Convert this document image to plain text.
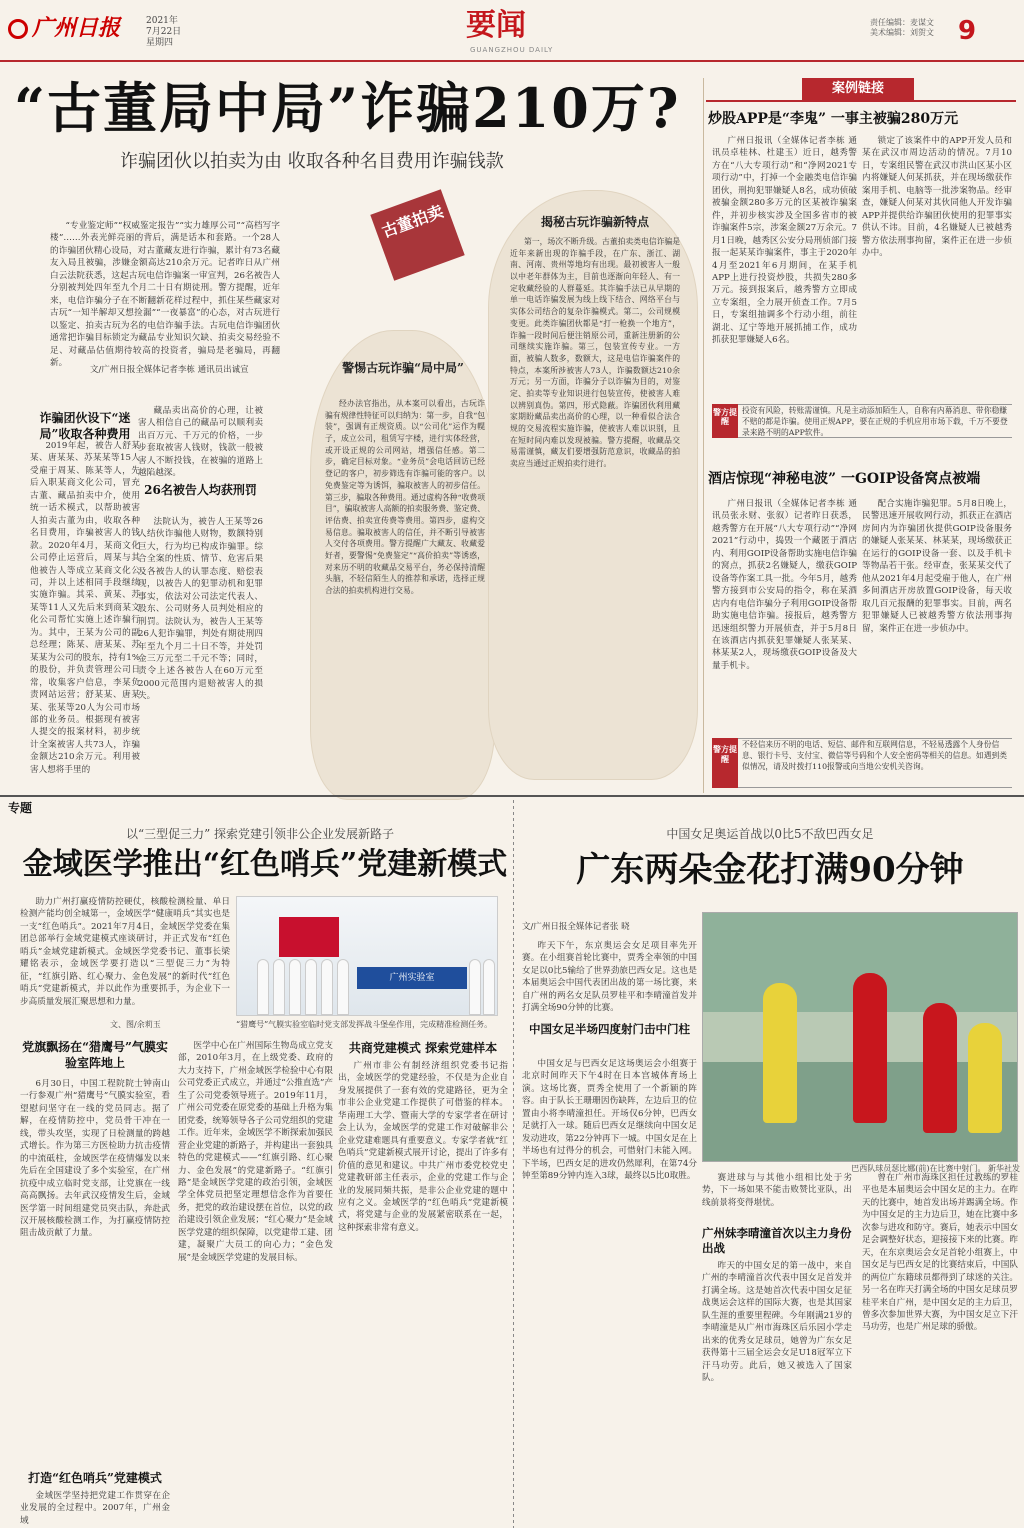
广州日报	2021年
7月22日
星期四	要闻
GUANGZHOU DAILY
责任编辑：麦谋文
美术编辑：刘贺文 9
“古董局中局”诈骗210万?
诈骗团伙以拍卖为由 收取各种名目费用诈骗钱款
古董拍卖
“专业鉴定师”“权威鉴定报告”“实力雄厚公司”“高档写字楼”……外表光鲜亮丽的背后，满是话本和套路。一个28人的诈骗团伙精心设局，对古董藏友进行诈骗，累计有73名藏友入局且被骗，涉嫌金额高达210余万元。记者昨日从广州白云法院获悉，这起古玩电信诈骗案一审宣判，26名被告人分别被判处四年至九个月二十日有期徒刑。警方提醒，近年来，电信诈骗分子在不断翻新花样过程中，抓住某些藏家对古玩“一知半解却又想捡漏”“一夜暴富”的心态，对古玩进行以鉴定、拍卖古玩为名的电信诈骗手法。古玩电信诈骗团伙通常把诈骗目标锁定为藏品专业知识欠缺、拍卖交易经验不足、对藏品估值期待较高的投资者，骗局是老骗局，再翻新。
文/广州日报全媒体记者李栋 通讯员出诚宣
诈骗团伙设下“迷局”收取各种费用
2019年起，被告人舒某某、唐某某、苏某某等15人受雇于周某、陈某等人，先后入职某商文化公司，冒充古董、藏品拍卖中介，使用统一话术模式，以帮助被害人拍卖古董为由，收取各种名目费用，诈骗被害人的钱款。2020年4月，某商文化公司停止运营后，周某与其他被告人等成立某商文化公司，并以上述相同手段继续实施诈骗。其采、黄某、苏某等11人又先后来到商某文化公司帮忙实施上述诈骗行为。其中，王某为公司的副总经理；陈某、唐某某、苏某某为公司的股东，持有1%的股份，并负责管理公司日常，收集客户信息，李某负责网站运营；舒某某、唐某某、张某等20人为公司市场部的业务员。根据现有被害人提交的报案材料，初步统计全案被害人共73人，诈骗金额达210余万元。利用被害人想将手里的
藏品卖出高价的心理，让被害人相信自己的藏品可以顺利卖出百万元、千万元的价格，一步步套取被害人钱财，钱款一般被害人不断投钱，在被骗的道路上越陷越深。
26名被告人均获刑罚
法院认为，被告人王某等26人结伙诈骗他人财物，数额特别巨大，行为均已构成诈骗罪。综合全案的性质、情节、危害后果及各被告人的认罪态度、赔偿表现，以被告人的犯罪动机和犯罪事实，依法对公司法定代表人、股东、公司财务人员判处相应的刑罚。法院认为，被告人王某等26人犯诈骗罪，判处有期徒刑四年至九个月二十日不等，并处罚金三万元至二千元不等；同时，责令上述各被告人在60万元至2000元范围内退赔被害人的损失。
警惕古玩诈骗“局中局”
经办法官指出，从本案可以看出，古玩诈骗有规律性特征可以归纳为：第一步，自我“包装”，强调有正规资质。以“公司化”运作为幌子，成立公司，租赁写字楼，进行实体经营，或开设正规的公司网站，增强信任感。第二步，确定目标对象。“业务员”会电话回访已经登记的客户，初步筛选有诈骗可能的客户。以免费鉴定等为诱饵，骗取被害人的初步信任。第三步，骗取各种费用。通过虚构各种“收费项目”，骗取被害人高额的拍卖服务费、鉴定费、评估费、拍卖宣传费等费用。第四步，虚构交易信息。骗取被害人的信任，并不断引导被害人交付各项费用。警方提醒广大藏友、收藏爱好者，要警惕“免费鉴定”“高价拍卖”等诱惑，对来历不明的收藏品交易平台，务必保持清醒头脑，不轻信陌生人的推荐和承诺，选择正规合法的拍卖机构进行交易。
揭秘古玩诈骗新特点
第一，场次不断升级。古董拍卖类电信诈骗是近年来新出现的诈骗手段，在广东、浙江、湖南、河南、贵州等地均有出现。最初被害人一般以中老年群体为主，目前也逐渐向年轻人、有一定收藏经验的人群蔓延。其诈骗手法已从早期的单一电话诈骗发展为线上线下结合、网络平台与实体公司结合的复杂诈骗模式。第二，公司规模变更。此类诈骗团伙都是“打一枪换一个地方”，诈骗一段时间后便注销原公司，重新注册新的公司继续实施诈骗。第三，包装宣传专业。一方面，被骗人数多，数额大，这是电信诈骗案件的特点，本案所涉被害人73人，诈骗数额达210余万元；另一方面，诈骗分子以诈骗为目的，对鉴定、拍卖等专业知识进行包装宣传，使被害人难以辨别真伪。第四，形式隐蔽。诈骗团伙利用藏家期盼藏品卖出高价的心理，以一种看似合法合规的交易流程实施诈骗，使被害人难以识别，且在短时间内难以发现被骗。警方提醒，收藏品交易需谨慎，藏友们要增强防范意识，收藏品的拍卖应当通过正规拍卖行进行。
案例链接
炒股APP是“李鬼” 一事主被骗280万元
广州日报讯（全媒体记者李栋 通讯员卓桂林、杜建玉）近日，越秀警方在“八大专项行动”和“净网2021专项行动”中，打掉一个金融类电信诈骗团伙，刑拘犯罪嫌疑人8名，成功侦破被骗金额280多万元的区某被诈骗案件，并初步核实涉及全国多省市的被诈骗案件5宗，涉案金额27万余元。7月1日晚，越秀区公安分局刑侦部门接报一起某某诈骗案件，事主于2020年4月至2021年6月期间，在某手机APP上进行投资炒股，共损失280多万元。接到报案后，越秀警方立即成立专案组，全力展开侦查工作。7月5日，专案组抽调多个行动小组，前往湖北、辽宁等地开展抓捕工作，成功抓获犯罪嫌疑人6名。
锁定了该案件中的APP开发人员和某在武汉市周边活动的情况。7月10日，专案组民警在武汉市洪山区某小区内将嫌疑人何某抓获，并在现场缴获作案用手机、电脑等一批涉案物品。经审查，嫌疑人何某对其伙同他人开发诈骗APP并提供给诈骗团伙使用的犯罪事实供认不讳。目前，4名嫌疑人已被越秀警方依法刑事拘留，案件正在进一步侦办中。
警方提醒
投资有风险，转账需谨慎。凡是主动添加陌生人，自称有内幕消息、带你稳赚不赔的都是诈骗。使用正规APP，要在正规的手机应用市场下载，千万不要登录来路不明的APP软件。
酒店惊现“神秘电波” 一GOIP设备窝点被端
广州日报讯（全媒体记者李栋 通讯员张永财、张叙）记者昨日获悉，越秀警方在开展“八大专项行动”“净网2021”行动中，捣毁一个藏匿于酒店内、利用GOIP设备帮助实施电信诈骗的窝点，抓获2名嫌疑人，缴获GOIP设备等作案工具一批。今年5月，越秀警方接到市公安局的指令，称在某酒店内有电信诈骗分子利用GOIP设备帮助实施电信诈骗。接报后，越秀警方迅速组织警力开展侦查，并于5月8日在该酒店内抓获犯罪嫌疑人张某某、林某某2人，现场缴获GOIP设备及大量手机卡。
配合实施诈骗犯罪。5月8日晚上，民警迅速开展收网行动，抓获正在酒店房间内为诈骗团伙提供GOIP设备服务的嫌疑人张某某、林某某，现场缴获正在运行的GOIP设备一套、以及手机卡等物品若干张。经审查，张某某交代了他从2021年4月起受雇于他人，在广州多间酒店开房放置GOIP设备，每天收取几百元报酬的犯罪事实。目前，两名犯罪嫌疑人已被越秀警方依法刑事拘留，案件正在进一步侦办中。
警方提醒
不轻信来历不明的电话、短信、邮件和互联网信息，不轻易透露个人身份信息、银行卡号、支付宝、微信等号码和个人安全密码等相关的信息。如遇到类似情况，请及时拨打110报警或向当地公安机关咨询。
专题
以“三型促三力” 探索党建引领非公企业发展新路子
金域医学推出“红色哨兵”党建新模式
助力广州打赢疫情防控硬仗，核酸检测检量、单日检测产能均创全城第一，金域医学“健康哨兵”其实也是一支“红色哨兵”。2021年7月4日，金域医学党委在集团总部举行金域党建模式座谈研讨，并正式发布“红色哨兵”金域党建新模式。金域医学党委书记、董事长梁耀铭表示，金域医学要打造以“三型促三力”为特征，“红旗引路、红心聚力、金色发展”的新时代“红色哨兵”党建新模式，并以此作为重要抓手，为企业下一步高质量发展汇聚思想和力量。
广州实验室
文、图/余莉玉	“猎鹰号”气膜实验室临时党支部发挥战斗堡垒作用，完成精准检测任务。
党旗飘扬在“猎鹰号”气膜实验室阵地上
6月30日，中国工程院院士钟南山一行参观广州“猎鹰号”气膜实验室，看望慰问坚守在一线的党员同志。据了解，在疫情防控中，党员骨干冲在一线，带头攻坚，实现了日检测量的跨越式增长。作为第三方医检助力抗击疫情的中流砥柱，金域医学在疫情爆发以来先后在全国建设了多个实验室，在广州抗疫中成立临时党支部，让党旗在一线高高飘扬。去年武汉疫情发生后，金域医学第一时间组建党员突击队，奔赴武汉开展核酸检测工作，为打赢疫情防控阻击战贡献了力量。
打造“红色哨兵”党建模式
金域医学坚持把党建工作贯穿在企业发展的全过程中。2007年，广州金域
医学中心在广州国际生物岛成立党支部，2010年3月，在上级党委、政府的大力支持下，广州金域医学检验中心有限公司党委正式成立，并通过“公推直选”产生了公司党委领导班子。2019年11月，广州公司党委在原党委的基础上升格为集团党委，统筹领导各子公司党组织的党建工作。近年来，金域医学不断探索加强民营企业党建的新路子，并构建出一套独具特色的党建模式——“红旗引路、红心聚力、金色发展”的党建新路子。“红旗引路”是金域医学党建的政治引领，金域医学全体党员把坚定理想信念作为首要任务，把党的政治建设摆在首位，以党的政治建设引领企业发展；“红心聚力”是金域医学党建的组织保障，以党建带工建、团建，凝聚广大员工的向心力；“金色发展”是金域医学党建的发展目标。
共商党建模式 探索党建样本
广州市非公有制经济组织党委书记指出，金域医学的党建经验，不仅是为企业自身发展提供了一套有效的党建路径，更为全市非公企业党建工作提供了可借鉴的样本。华南理工大学、暨南大学的专家学者在研讨会上认为，金域医学的党建工作对破解非公企业党建难题具有重要意义。专家学者就“红色哨兵”党建新模式展开讨论，提出了许多有价值的意见和建议。中共广州市委党校党史党建教研部主任表示，企业的党建工作与企业的发展同频共振，是非公企业党建的题中应有之义。金域医学的“红色哨兵”党建新模式，将党建与企业的发展紧密联系在一起，这种探索非常有意义。
中国女足奥运首战以0比5不敌巴西女足
广东两朵金花打满90分钟
文/广州日报全媒体记者张 晓
昨天下午，东京奥运会女足项目率先开赛。在小组赛首轮比赛中，贾秀全率领的中国女足以0比5输给了世界劲旅巴西女足。这也是本届奥运会中国代表团出战的第一场比赛，来自广州的两名女足队员罗桂平和李晴潼首发并打满全场90分钟的比赛。
中国女足半场四度射门击中门柱
中国女足与巴西女足这场奥运会小组赛于北京时间昨天下午4时在日本宫城体育场上演。这场比赛，贾秀全使用了一个新颖的阵容。由于队长王珊珊因伤缺阵，左边后卫的位置由小将李晴潼担任。开场仅6分钟，巴西女足就打入一球。随后巴西女足继续向中国女足发动进攻，第22分钟再下一城。中国女足在上半场也有过得分的机会，可惜射门未能入网。下半场，巴西女足的进攻仍然犀利，在第74分钟至第89分钟内连入3球，最终以5比0取胜。
巴西队球员瑟比娜(前)在比赛中射门。 新华社发
赛进球与与其他小组相比处于劣势，下一场如果不能击败赞比亚队，出线前景将变得堪忧。
广州妹李晴潼首次以主力身份出战
昨天的中国女足的第一战中，来自广州的李晴潼首次代表中国女足首发并打满全场。这是她首次代表中国女足征战奥运会这样的国际大赛，也是其国家队生涯的重要里程碑。今年刚满21岁的李晴潼是从广州市海珠区后乐园小学走出来的优秀女足球员，她曾为广东女足获得第十三届全运会女足U18冠军立下汗马功劳。此后，她又被选入了国家队。
曾在广州市海珠区担任过教练的罗桂平也是本届奥运会中国女足的主力。在昨天的比赛中，她首发出场并踢满全场。作为中国女足的主力边后卫，她在比赛中多次参与进攻和防守。赛后，她表示中国女足会调整好状态，迎接接下来的比赛。昨天，在东京奥运会女足首轮小组赛上，中国女足与巴西女足的比赛结束后，中国队的两位广东籍球员都得到了球迷的关注。另一名在昨天打满全场的中国女足球员罗桂平来自广州，是中国女足的主力后卫，曾多次参加世界大赛，为中国女足立下汗马功劳，也是广州足球的骄傲。
